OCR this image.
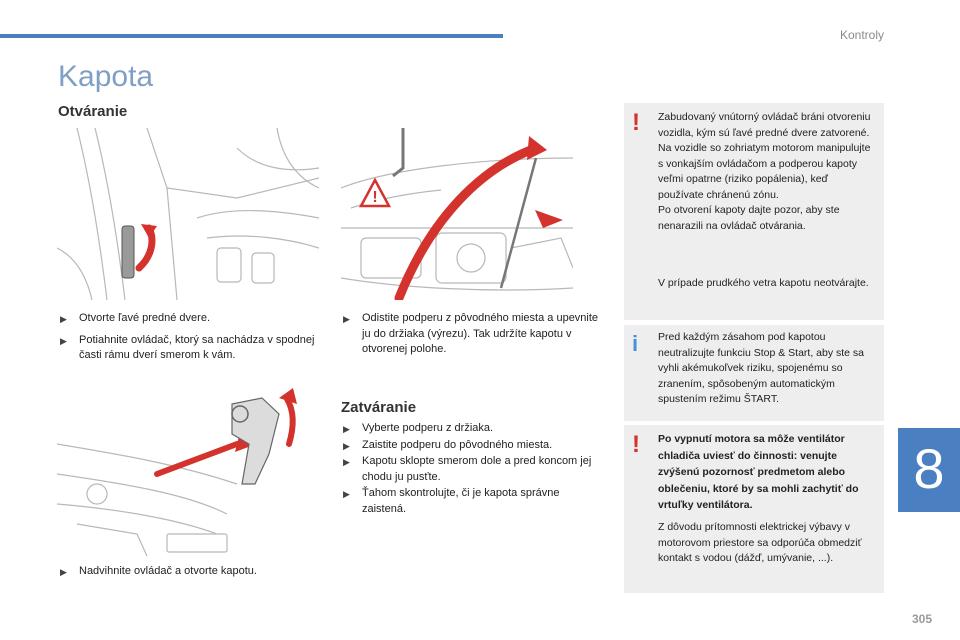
Kontroly
Kapota
Otváranie
!
▶ Otvorte ľavé predné dvere.
▶ Potiahnite ovládač, ktorý sa nachádza v spodnej časti rámu dverí smerom k vám.
▶ Odistite podperu z pôvodného miesta a upevnite ju do držiaka (výrezu). Tak udržíte kapotu v otvorenej polohe.
Zatváranie
▶ Vyberte podperu z držiaka.
▶ Zaistite podperu do pôvodného miesta.
▶ Kapotu sklopte smerom dole a pred koncom jej chodu ju pusťte.
▶ Ťahom skontrolujte, či je kapota správne zaistená.
▶ Nadvihnite ovládač a otvorte kapotu.
! Zabudovaný vnútorný ovládač bráni otvoreniu vozidla, kým sú ľavé predné dvere zatvorené.

Na vozidle so zohriatym motorom manipulujte s vonkajším ovládačom a podperou kapoty veľmi opatrne (riziko popálenia), keď používate chránenú zónu.

Po otvorení kapoty dajte pozor, aby ste nenarazili na ovládač otvárania.

V prípade prudkého vetra kapotu neotvárajte.

i Pred každým zásahom pod kapotou neutralizujte funkciu Stop & Start, aby ste sa vyhli akémukoľvek riziku, spojenému so zranením, spôsobeným automatickým spustením režimu ŠTART.

! Po vypnutí motora sa môže ventilátor chladiča uviesť do činnosti: venujte zvýšenú pozornosť predmetom alebo oblečeniu, ktoré by sa mohli zachytiť do vrtuľky ventilátora.

Z dôvodu prítomnosti elektrickej výbavy v motorovom priestore sa odporúča obmedziť kontakt s vodou (dážď, umývanie, ...).

8
305
